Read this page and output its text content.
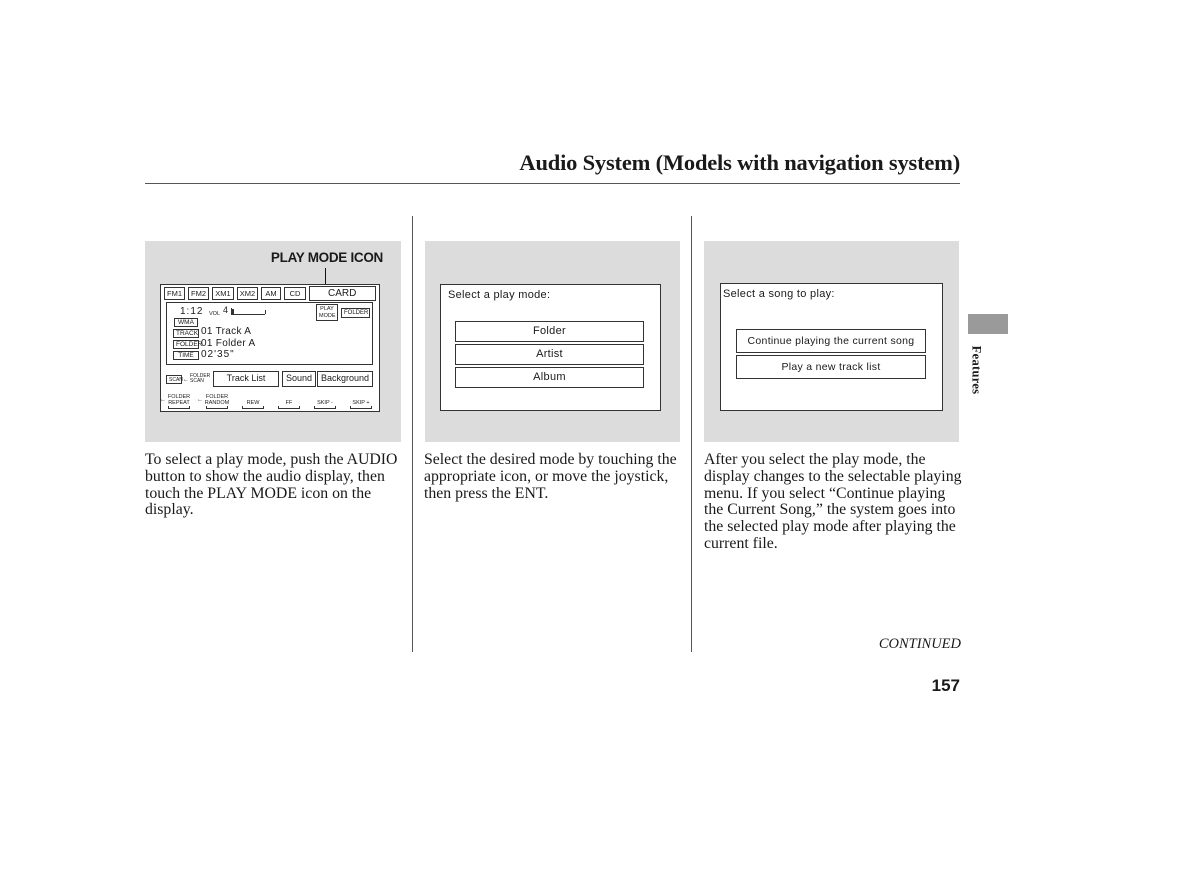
Audio System (Models with navigation system)
PLAY MODE ICON
FM1	FM2	XM1	XM2	AM	CD	CARD
1:12 VOL 4	PLAY
MODE	FOLDER
WMA
TRACK 01 Track A
FOLDER
01 Folder A
TIME 02'35"
SCAN ←
FOLDER
SCAN	Track List	Sound Background
← FOLDER
REPEAT	← FOLDER
RANDOM	REW	FF	SKIP -	SKIP +
To select a play mode, push the AUDIO button to show the audio display, then touch the PLAY MODE icon on the display.
Select a play mode:
Folder
Artist
Album
Select the desired mode by touching the appropriate icon, or move the joystick, then press the ENT.
Select a song to play:
Continue playing the current song
Play a new track list
After you select the play mode, the display changes to the selectable playing menu. If you select “Continue playing the Current Song,” the system goes into the selected play mode after playing the current file.
Features
CONTINUED
157
